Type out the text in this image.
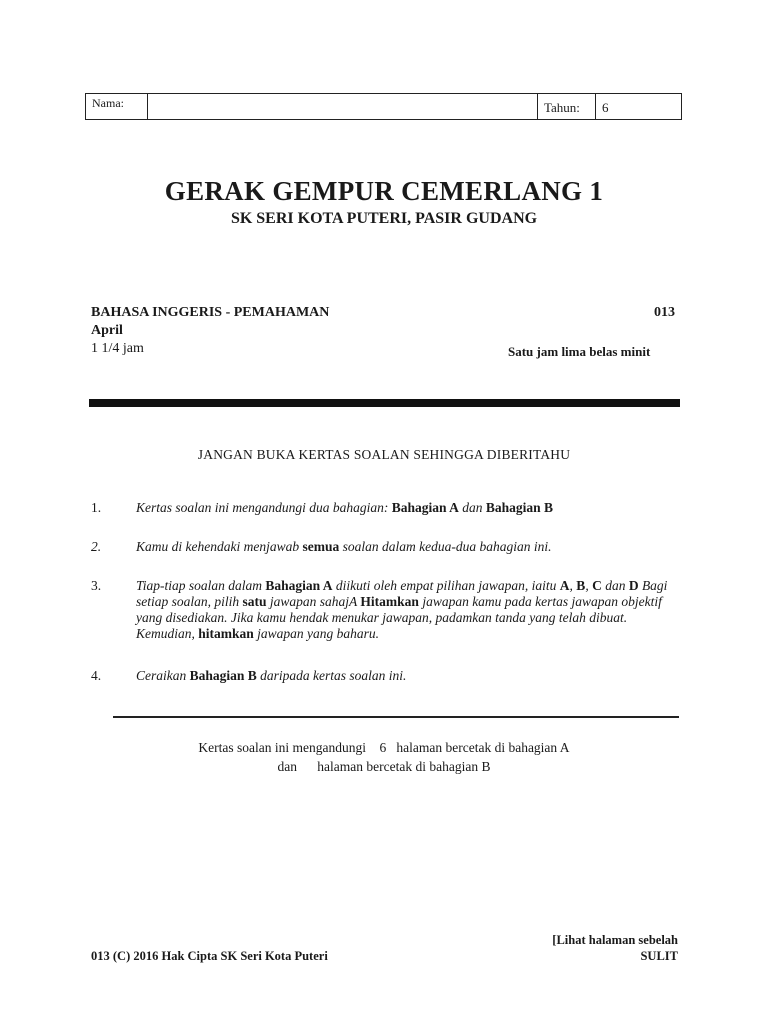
Nama:	Tahun:	6
GERAK GEMPUR CEMERLANG 1
SK SERI KOTA PUTERI, PASIR GUDANG
BAHASA INGGERIS - PEMAHAMAN	013
April
1 1/4 jam	Satu jam lima belas minit
JANGAN BUKA KERTAS SOALAN SEHINGGA DIBERITAHU
1.	Kertas soalan ini mengandungi dua bahagian: Bahagian A dan Bahagian B
2.	Kamu di kehendaki menjawab semua soalan dalam kedua-dua bahagian ini.
3.	Tiap-tiap soalan dalam Bahagian A diikuti oleh empat pilihan jawapan, iaitu A, B, C dan D Bagi setiap soalan, pilih satu jawapan sahajA Hitamkan jawapan kamu pada kertas jawapan objektif yang disediakan. Jika kamu hendak menukar jawapan, padamkan tanda yang telah dibuat. Kemudian, hitamkan jawapan yang baharu.
4.	Ceraikan Bahagian B daripada kertas soalan ini.
Kertas soalan ini mengandungi    6   halaman bercetak di bahagian A
dan      halaman bercetak di bahagian B
[Lihat halaman sebelah
013 (C) 2016 Hak Cipta SK Seri Kota Puteri	SULIT
